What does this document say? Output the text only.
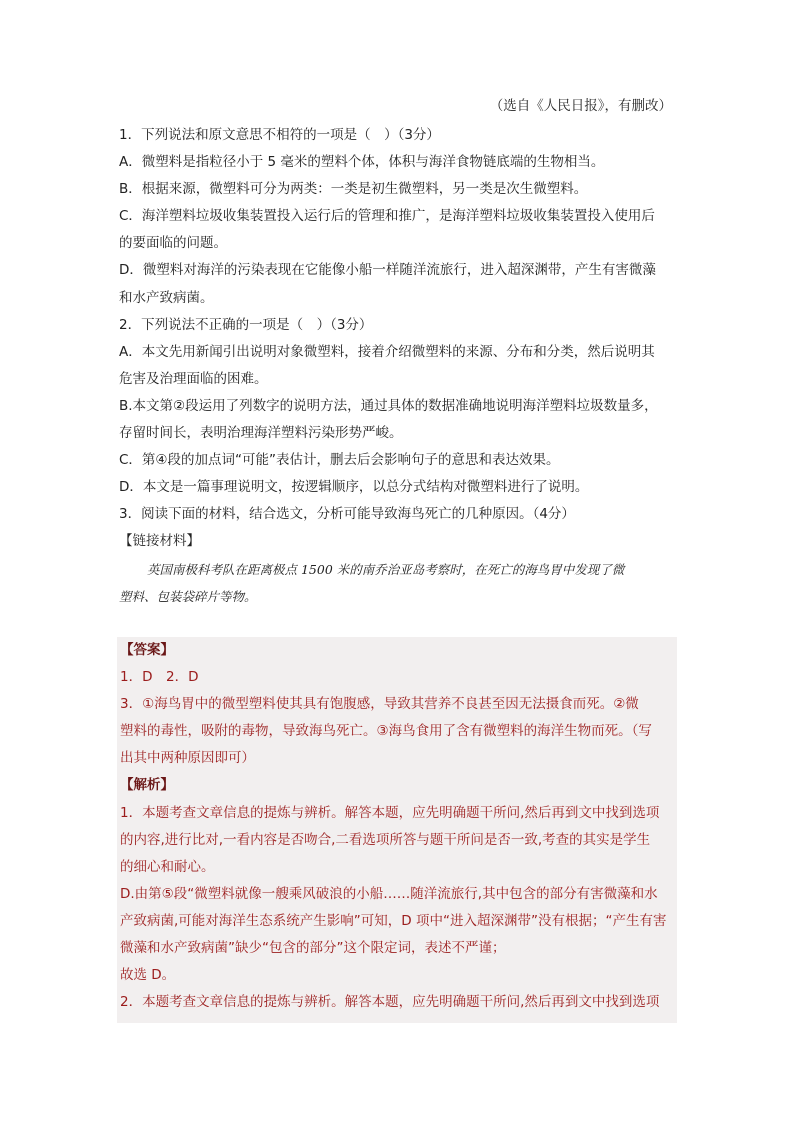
（选自《人民日报》，有删改）
1．下列说法和原文意思不相符的一项是（　）（3分）
A．微塑料是指粒径小于 5 毫米的塑料个体，体积与海洋食物链底端的生物相当。
B．根据来源，微塑料可分为两类：一类是初生微塑料，另一类是次生微塑料。
C．海洋塑料垃圾收集装置投入运行后的管理和推广，是海洋塑料垃圾收集装置投入使用后
的要面临的问题。
D．微塑料对海洋的污染表现在它能像小船一样随洋流旅行，进入超深渊带，产生有害微藻
和水产致病菌。
2．下列说法不正确的一项是（　）（3分）
A．本文先用新闻引出说明对象微塑料，接着介绍微塑料的来源、分布和分类，然后说明其
危害及治理面临的困难。
B.本文第②段运用了列数字的说明方法，通过具体的数据准确地说明海洋塑料垃圾数量多，
存留时间长，表明治理海洋塑料污染形势严峻。
C．第④段的加点词“可能”表估计，删去后会影响句子的意思和表达效果。
D．本文是一篇事理说明文，按逻辑顺序，以总分式结构对微塑料进行了说明。
3．阅读下面的材料，结合选文，分析可能导致海鸟死亡的几种原因。（4分）
【链接材料】
英国南极科考队在距离极点 1500 米的南乔治亚岛考察时，在死亡的海鸟胃中发现了微
塑料、包装袋碎片等物。
【答案】
1．D　2．D
3．①海鸟胃中的微型塑料使其具有饱腹感，导致其营养不良甚至因无法摄食而死。②微
塑料的毒性，吸附的毒物，导致海鸟死亡。③海鸟食用了含有微塑料的海洋生物而死。（写
出其中两种原因即可）
【解析】
1．本题考查文章信息的提炼与辨析。解答本题，应先明确题干所问,然后再到文中找到选项
的内容,进行比对,一看内容是否吻合,二看选项所答与题干所问是否一致,考查的其实是学生
的细心和耐心。
D.由第⑤段“微塑料就像一艘乘风破浪的小船……随洋流旅行,其中包含的部分有害微藻和水
产致病菌,可能对海洋生态系统产生影响”可知，D 项中“进入超深渊带”没有根据；“产生有害
微藻和水产致病菌”缺少“包含的部分”这个限定词，表述不严谨；
故选 D。
2．本题考查文章信息的提炼与辨析。解答本题，应先明确题干所问,然后再到文中找到选项
